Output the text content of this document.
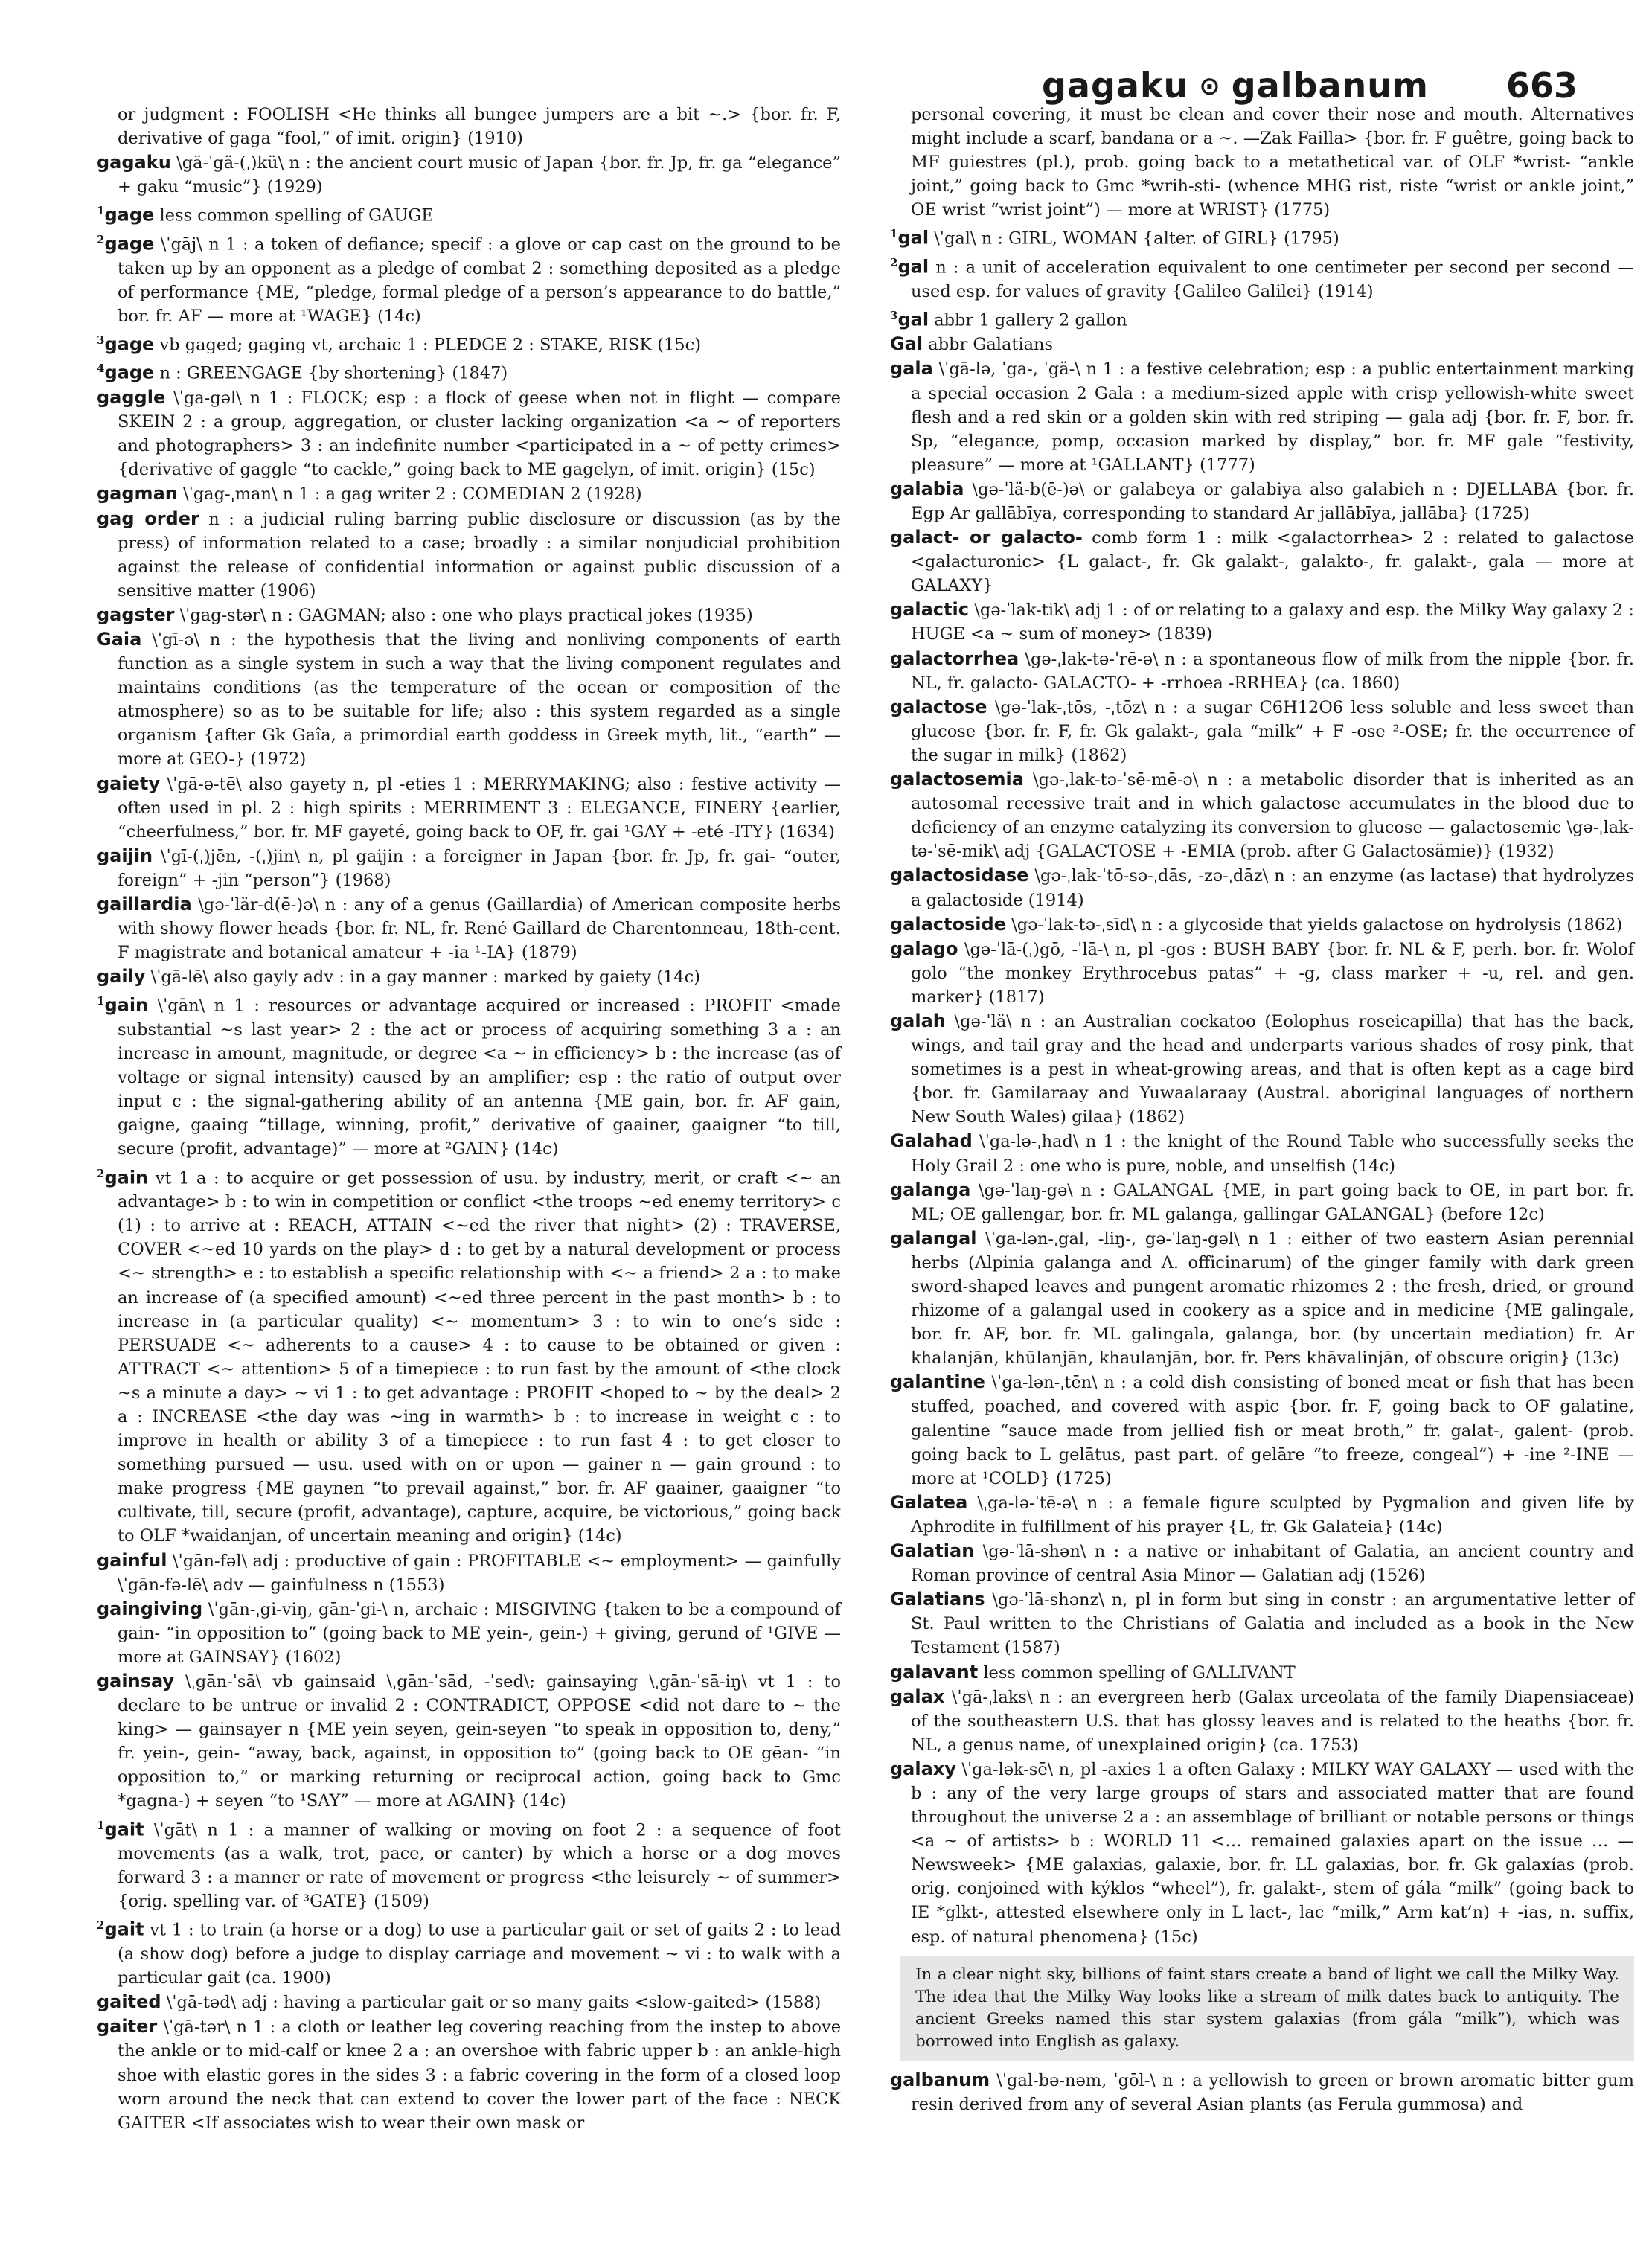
gagaku ⊙ galbanum 663

or judgment : FOOLISH <He thinks all bungee jumpers are a bit ~.> {bor. fr. F, derivative of gaga “fool,” of imit. origin} (1910)

gagaku \gä-ˈgä-(ˌ)kü\ n : the ancient court music of Japan {bor. fr. Jp, fr. ga “elegance” + gaku “music”} (1929)

$^1$gage less common spelling of GAUGE

$^2$gage \ˈgāj\ n 1 : a token of defiance; specif : a glove or cap cast on the ground to be taken up by an opponent as a pledge of combat 2 : something deposited as a pledge of performance {ME, “pledge, formal pledge of a person’s appearance to do battle,” bor. fr. AF — more at ¹WAGE} (14c)

$^3$gage vb gaged; gaging vt, archaic 1 : PLEDGE 2 : STAKE, RISK (15c)

$^4$gage n : GREENGAGE {by shortening} (1847)

gaggle \ˈga-gəl\ n 1 : FLOCK; esp : a flock of geese when not in flight — compare SKEIN 2 : a group, aggregation, or cluster lacking organization <a ~ of reporters and photographers> 3 : an indefinite number <participated in a ~ of petty crimes> {derivative of gaggle “to cackle,” going back to ME gagelyn, of imit. origin} (15c)

gagman \ˈgag-ˌman\ n 1 : a gag writer 2 : COMEDIAN 2 (1928)

gag order n : a judicial ruling barring public disclosure or discussion (as by the press) of information related to a case; broadly : a similar nonjudicial prohibition against the release of confidential information or against public discussion of a sensitive matter (1906)

gagster \ˈgag-stər\ n : GAGMAN; also : one who plays practical jokes (1935)

Gaia \ˈgī-ə\ n : the hypothesis that the living and nonliving components of earth function as a single system in such a way that the living component regulates and maintains conditions (as the temperature of the ocean or composition of the atmosphere) so as to be suitable for life; also : this system regarded as a single organism {after Gk Gaîa, a primordial earth goddess in Greek myth, lit., “earth” — more at GEO-} (1972)

gaiety \ˈgā-ə-tē\ also gayety n, pl -eties 1 : MERRYMAKING; also : festive activity — often used in pl. 2 : high spirits : MERRIMENT 3 : ELEGANCE, FINERY {earlier, “cheerfulness,” bor. fr. MF gayeté, going back to OF, fr. gai ¹GAY + -eté -ITY} (1634)

gaijin \ˈgī-(ˌ)jēn, -(ˌ)jin\ n, pl gaijin : a foreigner in Japan {bor. fr. Jp, fr. gai- “outer, foreign” + -jin “person”} (1968)

gaillardia \gə-ˈlär-d(ē-)ə\ n : any of a genus (Gaillardia) of American composite herbs with showy flower heads {bor. fr. NL, fr. René Gaillard de Charentonneau, 18th-cent. F magistrate and botanical amateur + -ia ¹-IA} (1879)

gaily \ˈgā-lē\ also gayly adv : in a gay manner : marked by gaiety (14c)

$^1$gain \ˈgān\ n 1 : resources or advantage acquired or increased : PROFIT <made substantial ~s last year> 2 : the act or process of acquiring something 3 a : an increase in amount, magnitude, or degree <a ~ in efficiency> b : the increase (as of voltage or signal intensity) caused by an amplifier; esp : the ratio of output over input c : the signal-gathering ability of an antenna {ME gain, bor. fr. AF gain, gaigne, gaaing “tillage, winning, profit,” derivative of gaainer, gaaigner “to till, secure (profit, advantage)” — more at ²GAIN} (14c)

$^2$gain vt 1 a : to acquire or get possession of usu. by industry, merit, or craft <~ an advantage> b : to win in competition or conflict <the troops ~ed enemy territory> c (1) : to arrive at : REACH, ATTAIN <~ed the river that night> (2) : TRAVERSE, COVER <~ed 10 yards on the play> d : to get by a natural development or process <~ strength> e : to establish a specific relationship with <~ a friend> 2 a : to make an increase of (a specified amount) <~ed three percent in the past month> b : to increase in (a particular quality) <~ momentum> 3 : to win to one’s side : PERSUADE <~ adherents to a cause> 4 : to cause to be obtained or given : ATTRACT <~ attention> 5 of a timepiece : to run fast by the amount of <the clock ~s a minute a day> ~ vi 1 : to get advantage : PROFIT <hoped to ~ by the deal> 2 a : INCREASE <the day was ~ing in warmth> b : to increase in weight c : to improve in health or ability 3 of a timepiece : to run fast 4 : to get closer to something pursued — usu. used with on or upon — gainer n — gain ground : to make progress {ME gaynen “to prevail against,” bor. fr. AF gaainer, gaaigner “to cultivate, till, secure (profit, advantage), capture, acquire, be victorious,” going back to OLF *waidanjan, of uncertain meaning and origin} (14c)

gainful \ˈgān-fəl\ adj : productive of gain : PROFITABLE <~ employment> — gainfully \ˈgān-fə-lē\ adv — gainfulness n (1553)

gaingiving \ˈgān-ˌgi-viŋ, gān-ˈgi-\ n, archaic : MISGIVING {taken to be a compound of gain- “in opposition to” (going back to ME yein-, gein-) + giving, gerund of ¹GIVE — more at GAINSAY} (1602)

gainsay \ˌgān-ˈsā\ vb gainsaid \ˌgān-ˈsād, -ˈsed\; gainsaying \ˌgān-ˈsā-iŋ\ vt 1 : to declare to be untrue or invalid 2 : CONTRADICT, OPPOSE <did not dare to ~ the king> — gainsayer n {ME yein seyen, gein-seyen “to speak in opposition to, deny,” fr. yein-, gein- “away, back, against, in opposition to” (going back to OE gēan- “in opposition to,” or marking returning or reciprocal action, going back to Gmc *gagna-) + seyen “to ¹SAY” — more at AGAIN} (14c)

$^1$gait \ˈgāt\ n 1 : a manner of walking or moving on foot 2 : a sequence of foot movements (as a walk, trot, pace, or canter) by which a horse or a dog moves forward 3 : a manner or rate of movement or progress <the leisurely ~ of summer> {orig. spelling var. of ³GATE} (1509)

$^2$gait vt 1 : to train (a horse or a dog) to use a particular gait or set of gaits 2 : to lead (a show dog) before a judge to display carriage and movement ~ vi : to walk with a particular gait (ca. 1900)

gaited \ˈgā-təd\ adj : having a particular gait or so many gaits <slow-gaited> (1588)

gaiter \ˈgā-tər\ n 1 : a cloth or leather leg covering reaching from the instep to above the ankle or to mid-calf or knee 2 a : an overshoe with fabric upper b : an ankle-high shoe with elastic gores in the sides 3 : a fabric covering in the form of a closed loop worn around the neck that can extend to cover the lower part of the face : NECK GAITER <If associates wish to wear their own mask or

personal covering, it must be clean and cover their nose and mouth. Alternatives might include a scarf, bandana or a ~. —Zak Failla> {bor. fr. F guêtre, going back to MF guiestres (pl.), prob. going back to a metathetical var. of OLF *wrist- “ankle joint,” going back to Gmc *wrih-sti- (whence MHG rist, riste “wrist or ankle joint,” OE wrist “wrist joint”) — more at WRIST} (1775)

$^1$gal \ˈgal\ n : GIRL, WOMAN {alter. of GIRL} (1795)

$^2$gal n : a unit of acceleration equivalent to one centimeter per second per second — used esp. for values of gravity {Galileo Galilei} (1914)

$^3$gal abbr 1 gallery 2 gallon

Gal abbr Galatians

gala \ˈgā-lə, ˈga-, ˈgä-\ n 1 : a festive celebration; esp : a public entertainment marking a special occasion 2 Gala : a medium-sized apple with crisp yellowish-white sweet flesh and a red skin or a golden skin with red striping — gala adj {bor. fr. F, bor. fr. Sp, “elegance, pomp, occasion marked by display,” bor. fr. MF gale “festivity, pleasure” — more at ¹GALLANT} (1777)

galabia \gə-ˈlä-b(ē-)ə\ or galabeya or galabiya also galabieh n : DJELLABA {bor. fr. Egp Ar gallābīya, corresponding to standard Ar jallābīya, jallāba} (1725)

galact- or galacto- comb form 1 : milk <galactorrhea> 2 : related to galactose <galacturonic> {L galact-, fr. Gk galakt-, galakto-, fr. galakt-, gala — more at GALAXY}

galactic \gə-ˈlak-tik\ adj 1 : of or relating to a galaxy and esp. the Milky Way galaxy 2 : HUGE <a ~ sum of money> (1839)

galactorrhea \gə-ˌlak-tə-ˈrē-ə\ n : a spontaneous flow of milk from the nipple {bor. fr. NL, fr. galacto- GALACTO- + -rrhoea -RRHEA} (ca. 1860)

galactose \gə-ˈlak-ˌtōs, -ˌtōz\ n : a sugar C6H12O6 less soluble and less sweet than glucose {bor. fr. F, fr. Gk galakt-, gala “milk” + F -ose ²-OSE; fr. the occurrence of the sugar in milk} (1862)

galactosemia \gə-ˌlak-tə-ˈsē-mē-ə\ n : a metabolic disorder that is inherited as an autosomal recessive trait and in which galactose accumulates in the blood due to deficiency of an enzyme catalyzing its conversion to glucose — galactosemic \gə-ˌlak-tə-ˈsē-mik\ adj {GALACTOSE + -EMIA (prob. after G Galactosämie)} (1932)

galactosidase \gə-ˌlak-ˈtō-sə-ˌdās, -zə-ˌdāz\ n : an enzyme (as lactase) that hydrolyzes a galactoside (1914)

galactoside \gə-ˈlak-tə-ˌsīd\ n : a glycoside that yields galactose on hydrolysis (1862)

galago \gə-ˈlā-(ˌ)gō, -ˈlā-\ n, pl -gos : BUSH BABY {bor. fr. NL & F, perh. bor. fr. Wolof golo “the monkey Erythrocebus patas” + -g, class marker + -u, rel. and gen. marker} (1817)

galah \gə-ˈlä\ n : an Australian cockatoo (Eolophus roseicapilla) that has the back, wings, and tail gray and the head and underparts various shades of rosy pink, that sometimes is a pest in wheat-growing areas, and that is often kept as a cage bird {bor. fr. Gamilaraay and Yuwaalaraay (Austral. aboriginal languages of northern New South Wales) gilaa} (1862)

Galahad \ˈga-lə-ˌhad\ n 1 : the knight of the Round Table who successfully seeks the Holy Grail 2 : one who is pure, noble, and unselfish (14c)

galanga \gə-ˈlaŋ-gə\ n : GALANGAL {ME, in part going back to OE, in part bor. fr. ML; OE gallengar, bor. fr. ML galanga, gallingar GALANGAL} (before 12c)

galangal \ˈga-lən-ˌgal, -liŋ-, gə-ˈlaŋ-gəl\ n 1 : either of two eastern Asian perennial herbs (Alpinia galanga and A. officinarum) of the ginger family with dark green sword-shaped leaves and pungent aromatic rhizomes 2 : the fresh, dried, or ground rhizome of a galangal used in cookery as a spice and in medicine {ME galingale, bor. fr. AF, bor. fr. ML galingala, galanga, bor. (by uncertain mediation) fr. Ar khalanjān, khūlanjān, khaulanjān, bor. fr. Pers khāvalinjān, of obscure origin} (13c)

galantine \ˈga-lən-ˌtēn\ n : a cold dish consisting of boned meat or fish that has been stuffed, poached, and covered with aspic {bor. fr. F, going back to OF galatine, galentine “sauce made from jellied fish or meat broth,” fr. galat-, galent- (prob. going back to L gelātus, past part. of gelāre “to freeze, congeal”) + -ine ²-INE — more at ¹COLD} (1725)

Galatea \ˌga-lə-ˈtē-ə\ n : a female figure sculpted by Pygmalion and given life by Aphrodite in fulfillment of his prayer {L, fr. Gk Galateia} (14c)

Galatian \gə-ˈlā-shən\ n : a native or inhabitant of Galatia, an ancient country and Roman province of central Asia Minor — Galatian adj (1526)

Galatians \gə-ˈlā-shənz\ n, pl in form but sing in constr : an argumentative letter of St. Paul written to the Christians of Galatia and included as a book in the New Testament (1587)

galavant less common spelling of GALLIVANT

galax \ˈgā-ˌlaks\ n : an evergreen herb (Galax urceolata of the family Diapensiaceae) of the southeastern U.S. that has glossy leaves and is related to the heaths {bor. fr. NL, a genus name, of unexplained origin} (ca. 1753)

galaxy \ˈga-lək-sē\ n, pl -axies 1 a often Galaxy : MILKY WAY GALAXY — used with the b : any of the very large groups of stars and associated matter that are found throughout the universe 2 a : an assemblage of brilliant or notable persons or things <a ~ of artists> b : WORLD 11 <… remained galaxies apart on the issue … —Newsweek> {ME galaxias, galaxie, bor. fr. LL galaxias, bor. fr. Gk galaxías (prob. orig. conjoined with kýklos “wheel”), fr. galakt-, stem of gála “milk” (going back to IE *glkt-, attested elsewhere only in L lact-, lac “milk,” Arm kat’n) + -ias, n. suffix, esp. of natural phenomena} (15c)

In a clear night sky, billions of faint stars create a band of light we call the Milky Way. The idea that the Milky Way looks like a stream of milk dates back to antiquity. The ancient Greeks named this star system galaxias (from gála “milk”), which was borrowed into English as galaxy.

galbanum \ˈgal-bə-nəm, ˈgōl-\ n : a yellowish to green or brown aromatic bitter gum resin derived from any of several Asian plants (as Ferula gummosa) and
